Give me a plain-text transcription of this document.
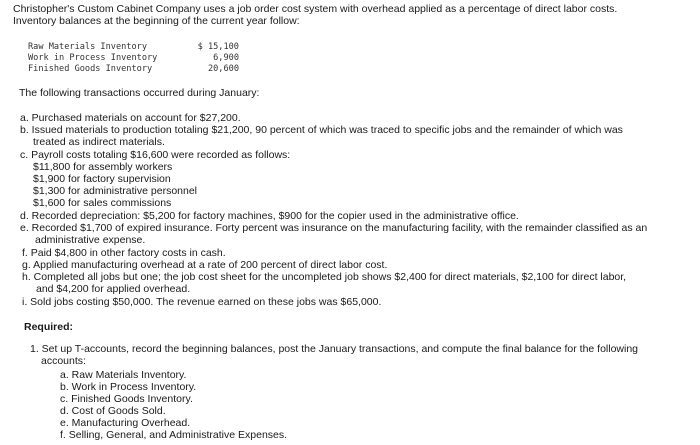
Christopher's Custom Cabinet Company uses a job order cost system with overhead applied as a percentage of direct labor costs.
Inventory balances at the beginning of the current year follow:
Raw Materials Inventory	$ 15,100
Work in Process Inventory	6,900
Finished Goods Inventory	20,600
The following transactions occurred during January:
a. Purchased materials on account for $27,200.
b. Issued materials to production totaling $21,200, 90 percent of which was traced to specific jobs and the remainder of which was
treated as indirect materials.
c. Payroll costs totaling $16,600 were recorded as follows:
$11,800 for assembly workers
$1,900 for factory supervision
$1,300 for administrative personnel
$1,600 for sales commissions
d. Recorded depreciation: $5,200 for factory machines, $900 for the copier used in the administrative office.
e. Recorded $1,700 of expired insurance. Forty percent was insurance on the manufacturing facility, with the remainder classified as an
administrative expense.
f. Paid $4,800 in other factory costs in cash.
g. Applied manufacturing overhead at a rate of 200 percent of direct labor cost.
h. Completed all jobs but one; the job cost sheet for the uncompleted job shows $2,400 for direct materials, $2,100 for direct labor,
and $4,200 for applied overhead.
i. Sold jobs costing $50,000. The revenue earned on these jobs was $65,000.
Required:
1. Set up T-accounts, record the beginning balances, post the January transactions, and compute the final balance for the following
accounts:
a. Raw Materials Inventory.
b. Work in Process Inventory.
c. Finished Goods Inventory.
d. Cost of Goods Sold.
e. Manufacturing Overhead.
f. Selling, General, and Administrative Expenses.
